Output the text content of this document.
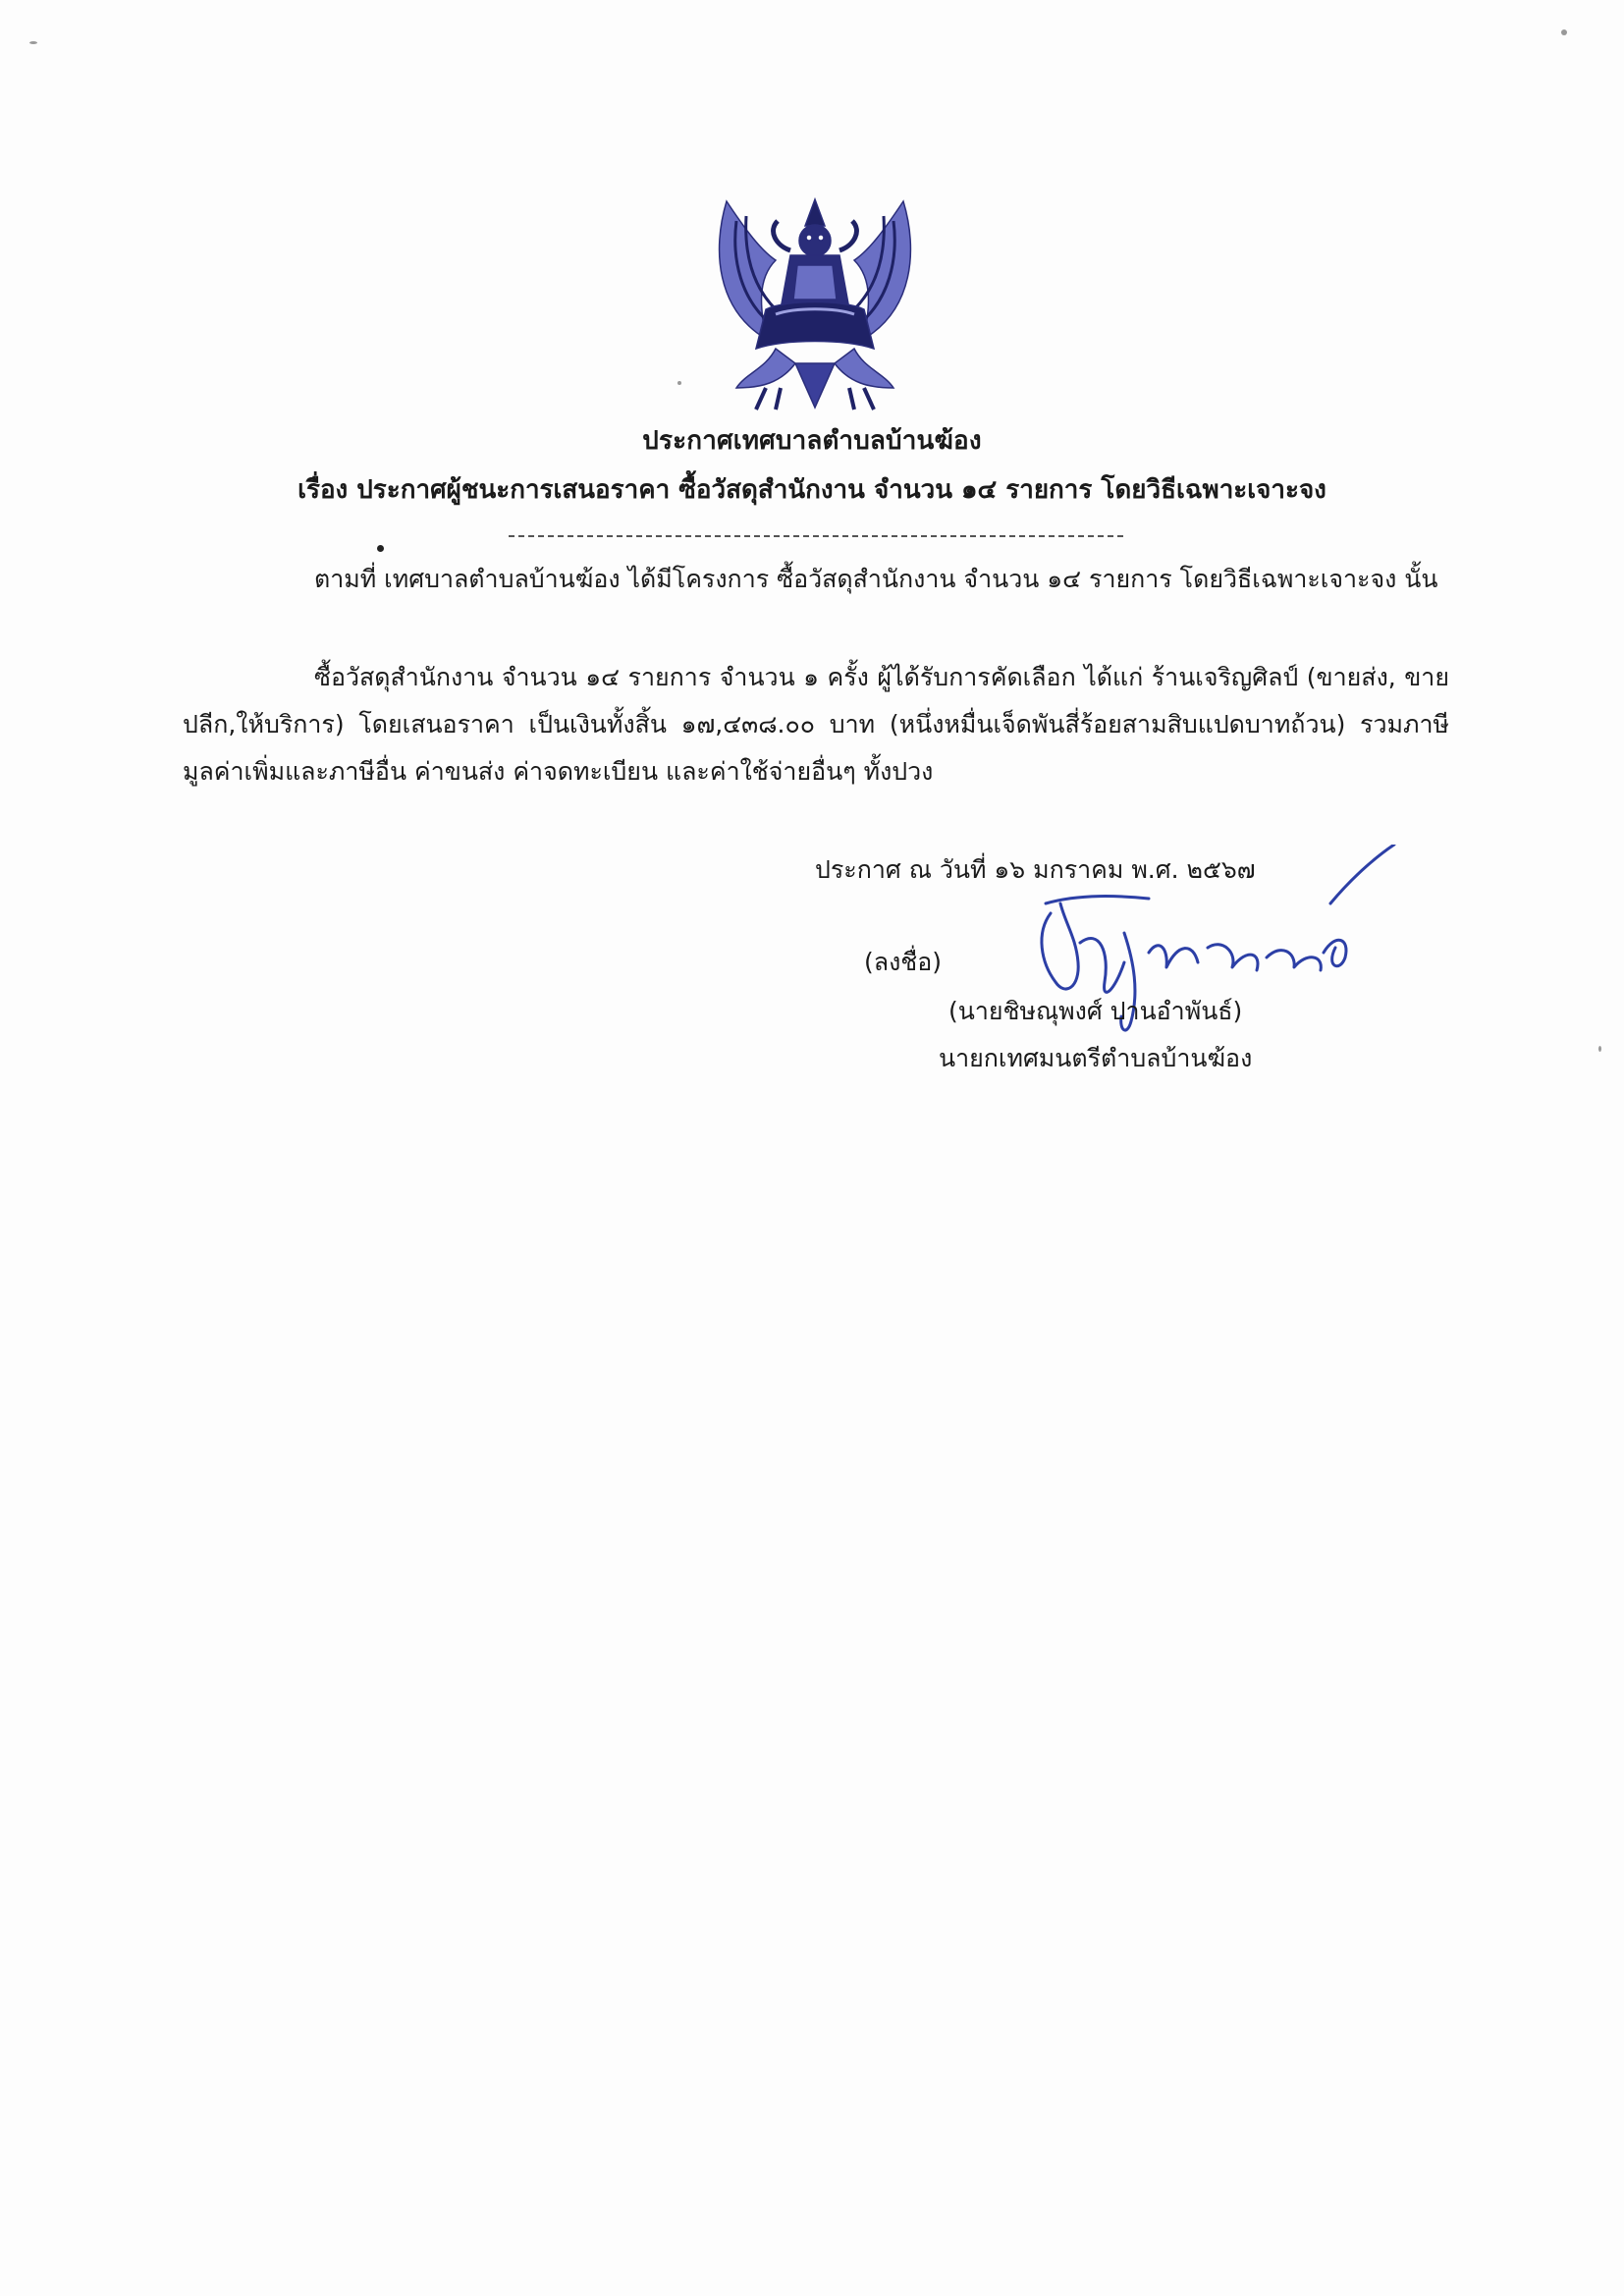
ประกาศเทศบาลตำบลบ้านฆ้อง
เรื่อง ประกาศผู้ชนะการเสนอราคา ซื้อวัสดุสำนักงาน จำนวน ๑๔ รายการ โดยวิธีเฉพาะเจาะจง
ตามที่ เทศบาลตำบลบ้านฆ้อง ได้มีโครงการ ซื้อวัสดุสำนักงาน จำนวน ๑๔ รายการ โดยวิธีเฉพาะเจาะจง นั้น
ซื้อวัสดุสำนักงาน จำนวน ๑๔ รายการ จำนวน ๑ ครั้ง ผู้ได้รับการคัดเลือก ได้แก่ ร้านเจริญศิลป์ (ขายส่ง, ขายปลีก,ให้บริการ) โดยเสนอราคา เป็นเงินทั้งสิ้น ๑๗,๔๓๘.๐๐ บาท (หนึ่งหมื่นเจ็ดพันสี่ร้อยสามสิบแปดบาทถ้วน) รวมภาษีมูลค่าเพิ่มและภาษีอื่น ค่าขนส่ง ค่าจดทะเบียน และค่าใช้จ่ายอื่นๆ ทั้งปวง
ประกาศ ณ วันที่ ๑๖ มกราคม พ.ศ. ๒๕๖๗
(ลงชื่อ)
(นายชิษณุพงศ์ ปานอำพันธ์)
นายกเทศมนตรีตำบลบ้านฆ้อง
